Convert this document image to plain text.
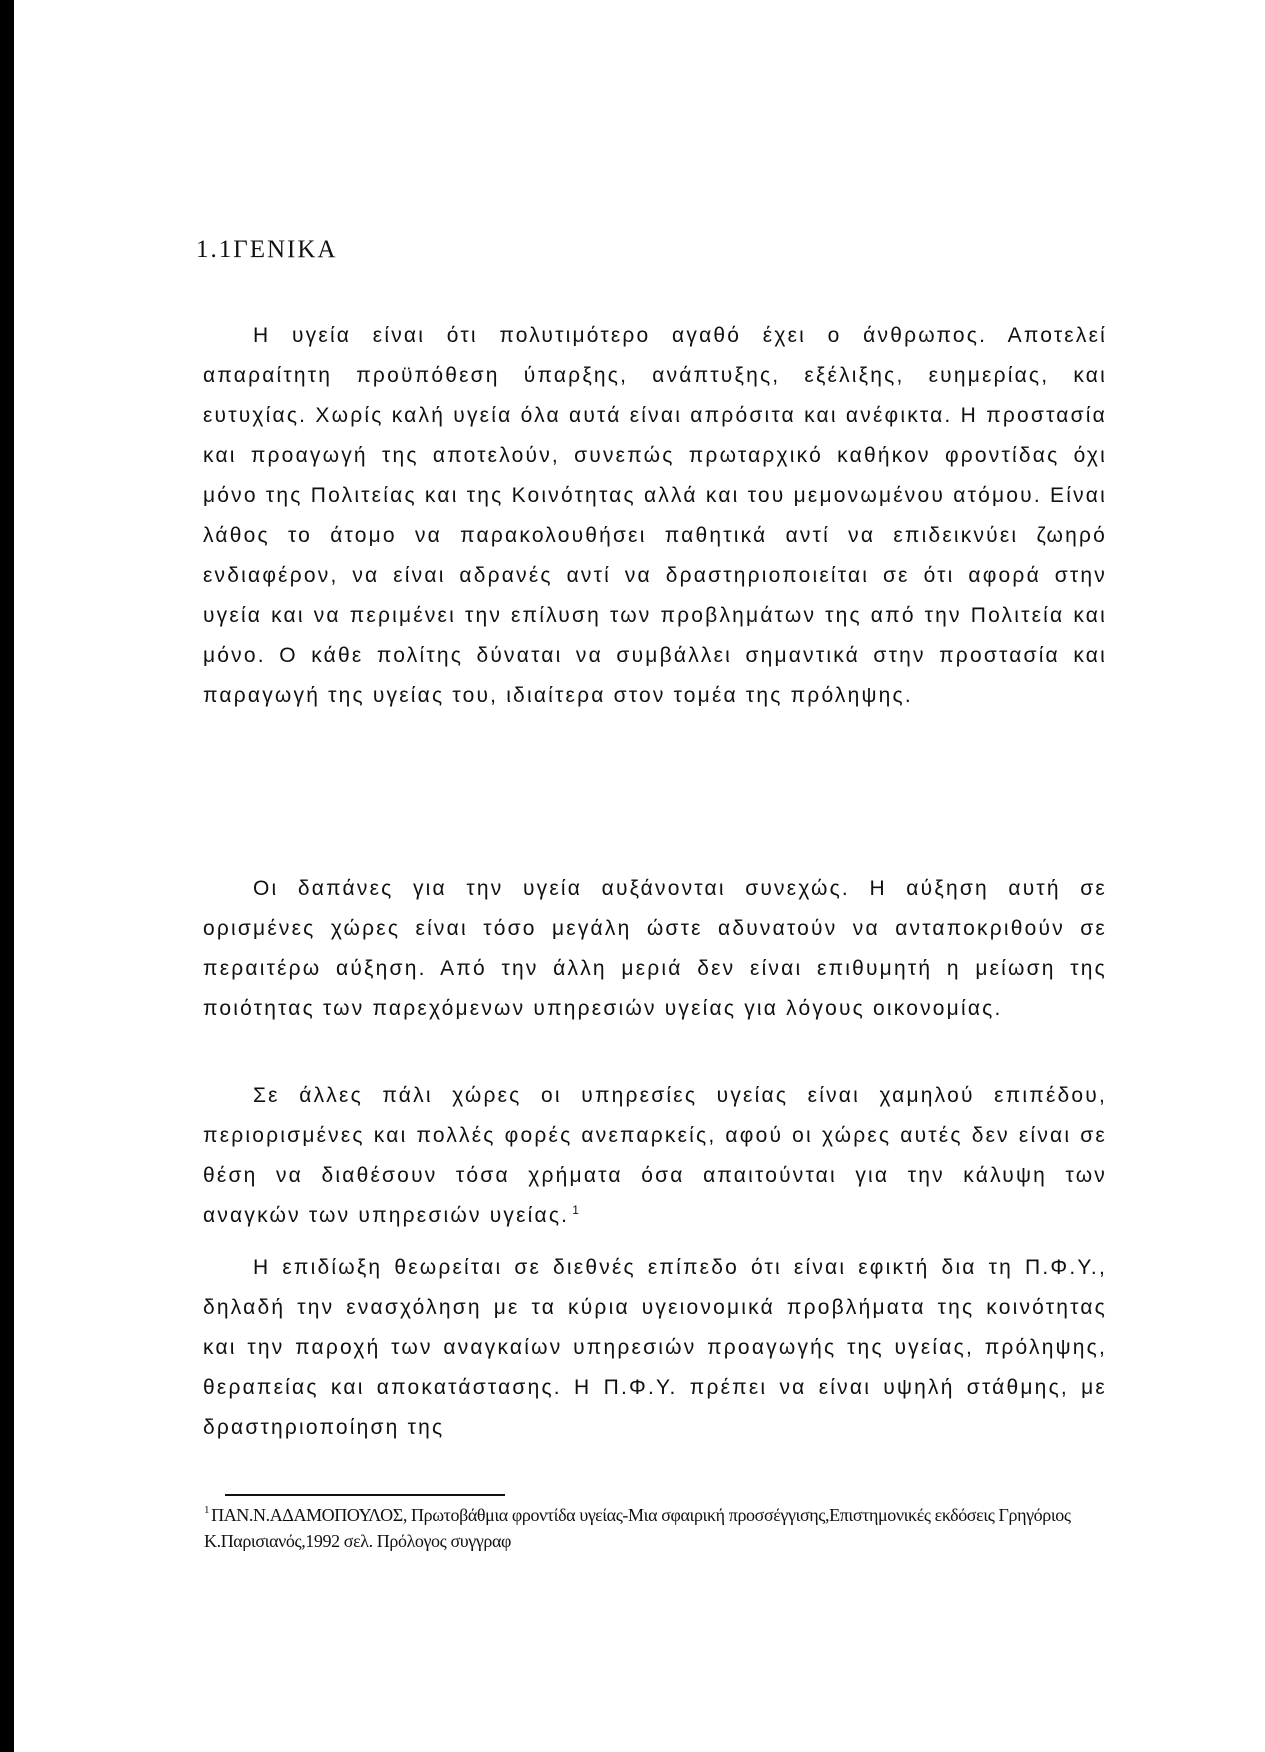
1.1ΓΕΝΙΚΑ

Η υγεία είναι ότι πολυτιμότερο αγαθό έχει ο άνθρωπος. Αποτελεί απαραίτητη προϋπόθεση ύπαρξης, ανάπτυξης, εξέλιξης, ευημερίας, και ευτυχίας. Χωρίς καλή υγεία όλα αυτά είναι απρόσιτα και ανέφικτα. Η προστασία και προαγωγή της αποτελούν, συνεπώς πρωταρχικό καθήκον φροντίδας όχι μόνο της Πολιτείας και της Κοινότητας αλλά και του μεμονωμένου ατόμου. Είναι λάθος το άτομο να παρακολουθήσει παθητικά αντί να επιδεικνύει ζωηρό ενδιαφέρον, να είναι αδρανές αντί να δραστηριοποιείται σε ότι αφορά στην υγεία και να περιμένει την επίλυση των προβλημάτων της από την Πολιτεία και μόνο. Ο κάθε πολίτης δύναται να συμβάλλει σημαντικά στην προστασία και παραγωγή της υγείας του, ιδιαίτερα στον τομέα της πρόληψης.

Οι δαπάνες για την υγεία αυξάνονται συνεχώς. Η αύξηση αυτή σε ορισμένες χώρες είναι τόσο μεγάλη ώστε αδυνατούν να ανταποκριθούν σε περαιτέρω αύξηση. Από την άλλη μεριά δεν είναι επιθυμητή η μείωση της ποιότητας των παρεχόμενων υπηρεσιών υγείας για λόγους οικονομίας.

Σε άλλες πάλι χώρες οι υπηρεσίες υγείας είναι χαμηλού επιπέδου, περιορισμένες και πολλές φορές ανεπαρκείς, αφού οι χώρες αυτές δεν είναι σε θέση να διαθέσουν τόσα χρήματα όσα απαιτούνται για την κάλυψη των αναγκών των υπηρεσιών υγείας. $^1$

Η επιδίωξη θεωρείται σε διεθνές επίπεδο ότι είναι εφικτή δια τη Π.Φ.Υ., δηλαδή την ενασχόληση με τα κύρια υγειονομικά προβλήματα της κοινότητας και την παροχή των αναγκαίων υπηρεσιών προαγωγής της υγείας, πρόληψης, θεραπείας και αποκατάστασης. Η Π.Φ.Υ. πρέπει να είναι υψηλή στάθμης, με δραστηριοποίηση της

$^1$ ΠΑΝ.Ν.ΑΔΑΜΟΠΟΥΛΟΣ, Πρωτοβάθμια φροντίδα υγείας-Μια σφαιρική προσσέγγισης,Επιστημονικές εκδόσεις Γρηγόριος Κ.Παρισιανός,1992 σελ. Πρόλογος συγγραφ
